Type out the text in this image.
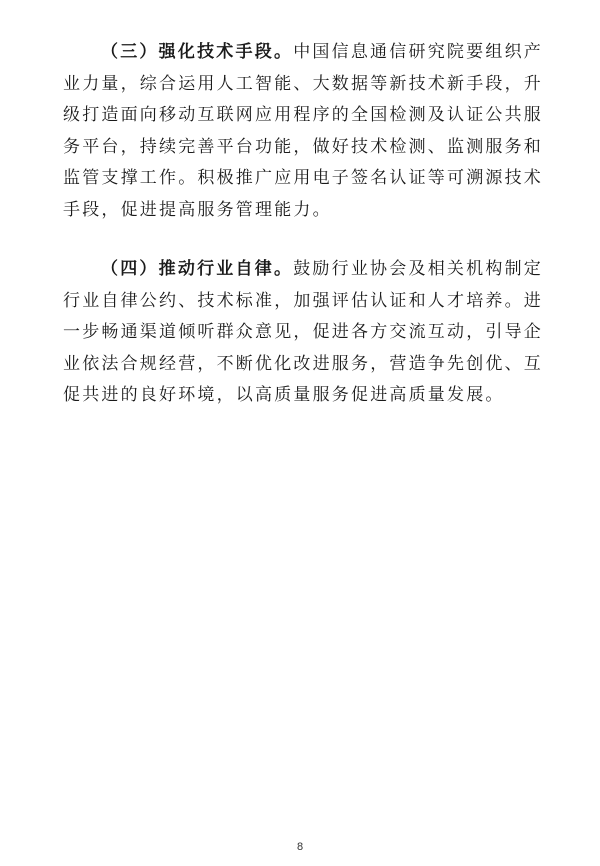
（三）强化技术手段。中国信息通信研究院要组织产业力量，综合运用人工智能、大数据等新技术新手段，升级打造面向移动互联网应用程序的全国检测及认证公共服务平台，持续完善平台功能，做好技术检测、监测服务和监管支撑工作。积极推广应用电子签名认证等可溯源技术手段，促进提高服务管理能力。

（四）推动行业自律。鼓励行业协会及相关机构制定行业自律公约、技术标准，加强评估认证和人才培养。进一步畅通渠道倾听群众意见，促进各方交流互动，引导企业依法合规经营，不断优化改进服务，营造争先创优、互促共进的良好环境，以高质量服务促进高质量发展。

8
